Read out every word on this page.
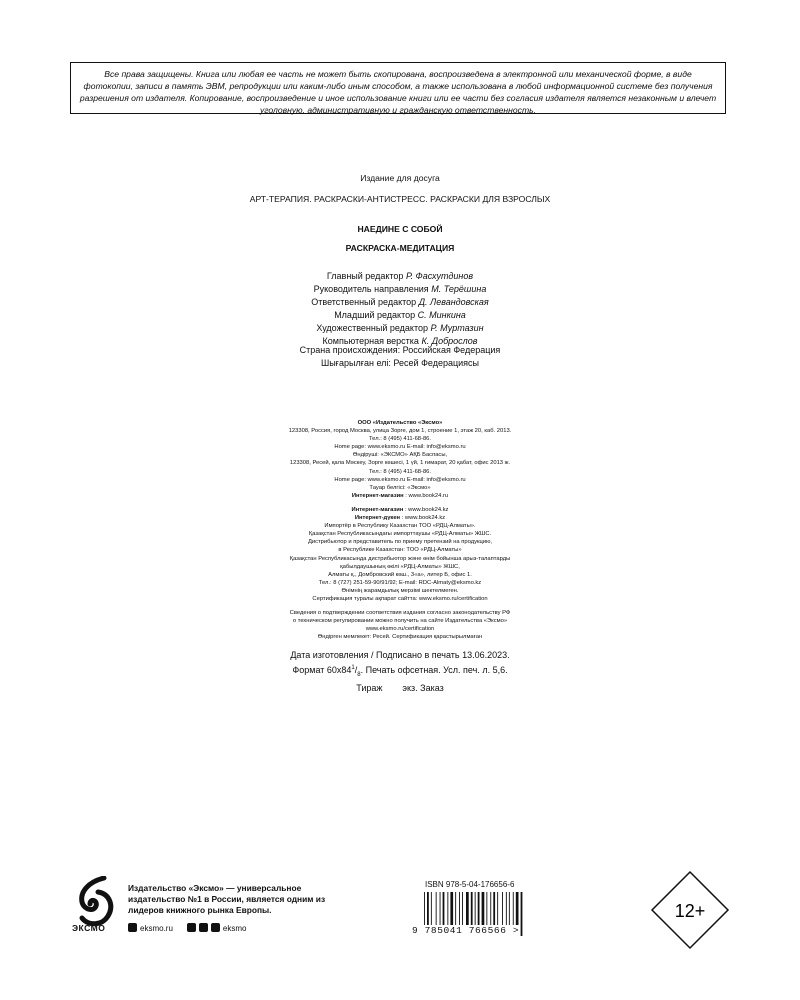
Все права защищены. Книга или любая ее часть не может быть скопирована, воспроизведена в электронной или механической форме, в виде фотокопии, записи в память ЭВМ, репродукции или каким-либо иным способом, а также использована в любой информационной системе без получения разрешения от издателя. Копирование, воспроизведение и иное использование книги или ее части без согласия издателя является незаконным и влечет уголовную, административную и гражданскую ответственность.
Издание для досуга
АРТ-ТЕРАПИЯ. РАСКРАСКИ-АНТИСТРЕСС. РАСКРАСКИ ДЛЯ ВЗРОСЛЫХ
НАЕДИНЕ С СОБОЙ
РАСКРАСКА-МЕДИТАЦИЯ
Главный редактор Р. Фасхутдинов
Руководитель направления М. Терёшина
Ответственный редактор Д. Левандовская
Младший редактор С. Минкина
Художественный редактор Р. Муртазин
Компьютерная верстка К. Доброслов
Страна происхождения: Российская Федерация
Шығарылған елі: Ресей Федерациясы
ООО «Издательство «Эксмо»
123308, Россия, город Москва, улица Зорге, дом 1, строение 1, этаж 20, каб. 2013.
Тел.: 8 (495) 411-68-86.
Home page: www.eksmo.ru E-mail: info@eksmo.ru
Өндіруші: «ЭКСМО» АҚБ Баспасы,
123308, Ресей, қала Мәскеу, Зорге көшесі, 1 үй, 1 ғимарат, 20 қабат, офис 2013 ж.
Тел.: 8 (495) 411-68-86.
Home page: www.eksmo.ru E-mail: info@eksmo.ru
Тауар белгісі: «Эксмо»
Интернет-магазин : www.book24.ru
Интернет-магазин : www.book24.kz
Интернет-дүкен : www.book24.kz
Импортёр в Республику Казахстан ТОО «РДЦ-Алматы».
Қазақстан Республикасындағы импорттаушы «РДЦ-Алматы» ЖШС.
Дистрибьютор и представитель по приему претензий на продукцию,
в Республике Казахстан: ТОО «РДЦ-Алматы»
Қазақстан Республикасында дистрибьютор және өнім бойынша арыз-талаптарды
қабылдаушының өкілі «РДЦ-Алматы» ЖШС,
Алматы қ., Домбровский көш., 3«а», литер Б, офис 1.
Тел.: 8 (727) 251-59-90/91/92; E-mail: RDC-Almaty@eksmo.kz
Өнімнің жарамдылық мерзімі шектелмеген.
Сертификация туралы ақпарат сайтта: www.eksmo.ru/certification
Сведения о подтверждении соответствия издания согласно законодательству РФ
о техническом регулировании можно получить на сайте Издательства «Эксмо»
www.eksmo.ru/certification
Өндірген мемлекет: Ресей. Сертификация қарастырылмаған
Дата изготовления / Подписано в печать 13.06.2023.
Формат $60x84^1/_8$. Печать офсетная. Усл. печ. л. 5,6.
Тираж        экз. Заказ
ЭКСМО
Издательство «Эксмо» — универсальное издательство №1 в России, является одним из лидеров книжного рынка Европы.
eksmo.ru	eksmo
ISBN 978-5-04-176656-6
9 785041 766566 >
12+
